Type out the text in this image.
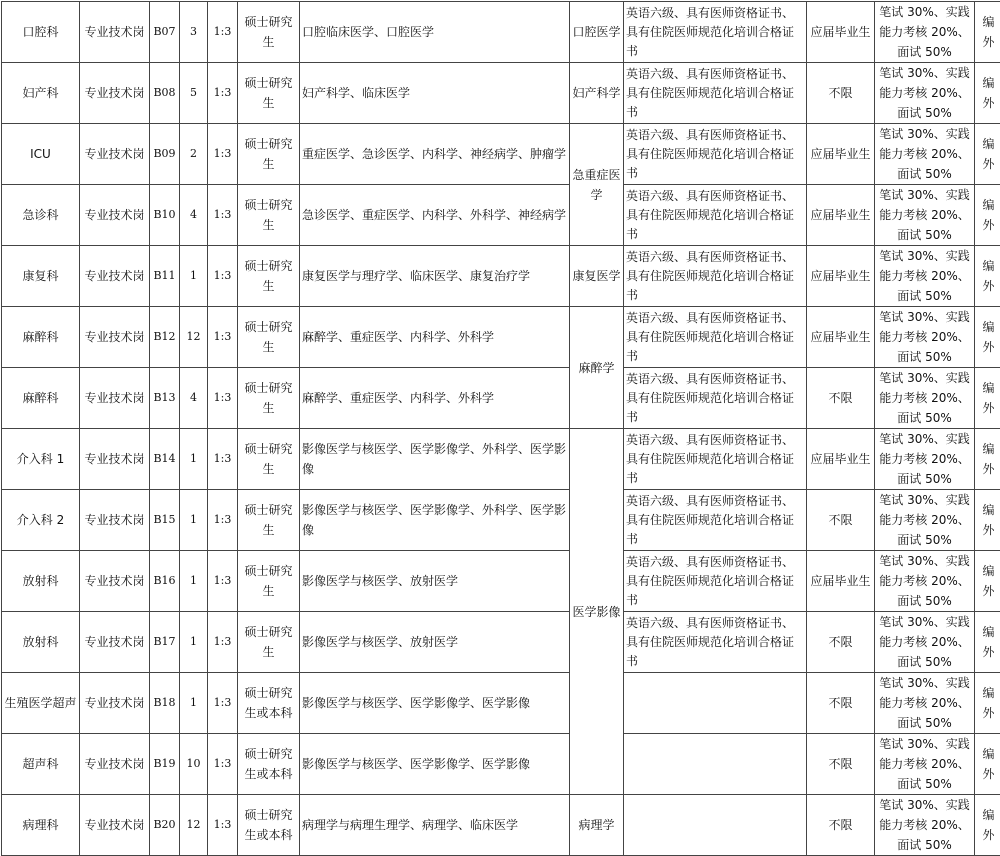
口腔科	专业技术岗	B07	3	1:3	硕士研究生	口腔临床医学、口腔医学	口腔医学	英语六级、具有医师资格证书、具有住院医师规范化培训合格证书	应届毕业生	笔试 30%、实践能力考核 20%、面试 50%	编外
妇产科	专业技术岗	B08	5	1:3	硕士研究生	妇产科学、临床医学	妇产科学	英语六级、具有医师资格证书、具有住院医师规范化培训合格证书	不限	笔试 30%、实践能力考核 20%、面试 50%	编外
ICU	专业技术岗	B09	2	1:3	硕士研究生	重症医学、急诊医学、内科学、神经病学、肿瘤学	急重症医学	英语六级、具有医师资格证书、具有住院医师规范化培训合格证书	应届毕业生	笔试 30%、实践能力考核 20%、面试 50%	编外
急诊科	专业技术岗	B10	4	1:3	硕士研究生	急诊医学、重症医学、内科学、外科学、神经病学		英语六级、具有医师资格证书、具有住院医师规范化培训合格证书	应届毕业生	笔试 30%、实践能力考核 20%、面试 50%	编外
康复科	专业技术岗	B11	1	1:3	硕士研究生	康复医学与理疗学、临床医学、康复治疗学	康复医学	英语六级、具有医师资格证书、具有住院医师规范化培训合格证书	应届毕业生	笔试 30%、实践能力考核 20%、面试 50%	编外
麻醉科	专业技术岗	B12	12	1:3	硕士研究生	麻醉学、重症医学、内科学、外科学	麻醉学	英语六级、具有医师资格证书、具有住院医师规范化培训合格证书	应届毕业生	笔试 30%、实践能力考核 20%、面试 50%	编外
麻醉科	专业技术岗	B13	4	1:3	硕士研究生	麻醉学、重症医学、内科学、外科学		英语六级、具有医师资格证书、具有住院医师规范化培训合格证书	不限	笔试 30%、实践能力考核 20%、面试 50%	编外
介入科 1	专业技术岗	B14	1	1:3	硕士研究生	影像医学与核医学、医学影像学、外科学、医学影像	医学影像	英语六级、具有医师资格证书、具有住院医师规范化培训合格证书	应届毕业生	笔试 30%、实践能力考核 20%、面试 50%	编外
介入科 2	专业技术岗	B15	1	1:3	硕士研究生	影像医学与核医学、医学影像学、外科学、医学影像		英语六级、具有医师资格证书、具有住院医师规范化培训合格证书	不限	笔试 30%、实践能力考核 20%、面试 50%	编外
放射科	专业技术岗	B16	1	1:3	硕士研究生	影像医学与核医学、放射医学		英语六级、具有医师资格证书、具有住院医师规范化培训合格证书	应届毕业生	笔试 30%、实践能力考核 20%、面试 50%	编外
放射科	专业技术岗	B17	1	1:3	硕士研究生	影像医学与核医学、放射医学		英语六级、具有医师资格证书、具有住院医师规范化培训合格证书	不限	笔试 30%、实践能力考核 20%、面试 50%	编外
生殖医学超声	专业技术岗	B18	1	1:3	硕士研究生或本科	影像医学与核医学、医学影像学、医学影像			不限	笔试 30%、实践能力考核 20%、面试 50%	编外
超声科	专业技术岗	B19	10	1:3	硕士研究生或本科	影像医学与核医学、医学影像学、医学影像			不限	笔试 30%、实践能力考核 20%、面试 50%	编外
病理科	专业技术岗	B20	12	1:3	硕士研究生或本科	病理学与病理生理学、病理学、临床医学	病理学		不限	笔试 30%、实践能力考核 20%、面试 50%	编外
